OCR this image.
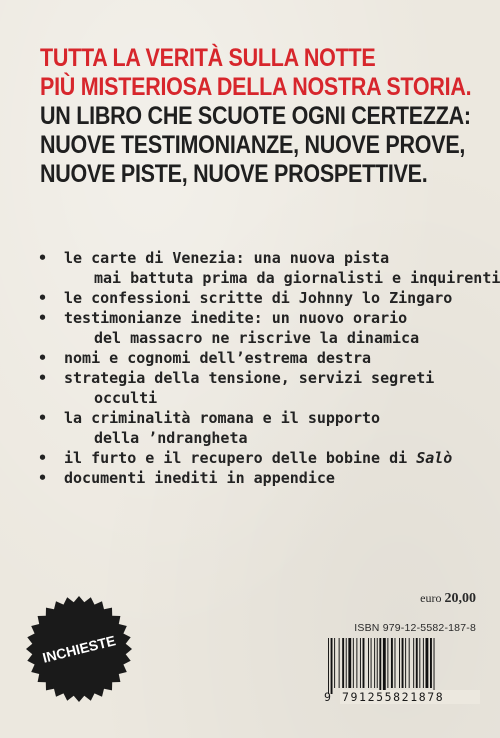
TUTTA LA VERITÀ SULLA NOTTE
PIÙ MISTERIOSA DELLA NOSTRA STORIA.
UN LIBRO CHE SCUOTE OGNI CERTEZZA:
NUOVE TESTIMONIANZE, NUOVE PROVE,
NUOVE PISTE, NUOVE PROSPETTIVE.
•	le carte di Venezia: una nuova pista
mai battuta prima da giornalisti e inquirenti
•	le confessioni scritte di Johnny lo Zingaro
•	testimonianze inedite: un nuovo orario
del massacro ne riscrive la dinamica
•	nomi e cognomi dell’estrema destra
•	strategia della tensione, servizi segreti
occulti
•	la criminalità romana e il supporto
della ’ndrangheta
•	il furto e il recupero delle bobine di Salò
•	documenti inediti in appendice
INCHIESTE
euro 20,00
ISBN 979-12-5582-187-8
9 791255821878
